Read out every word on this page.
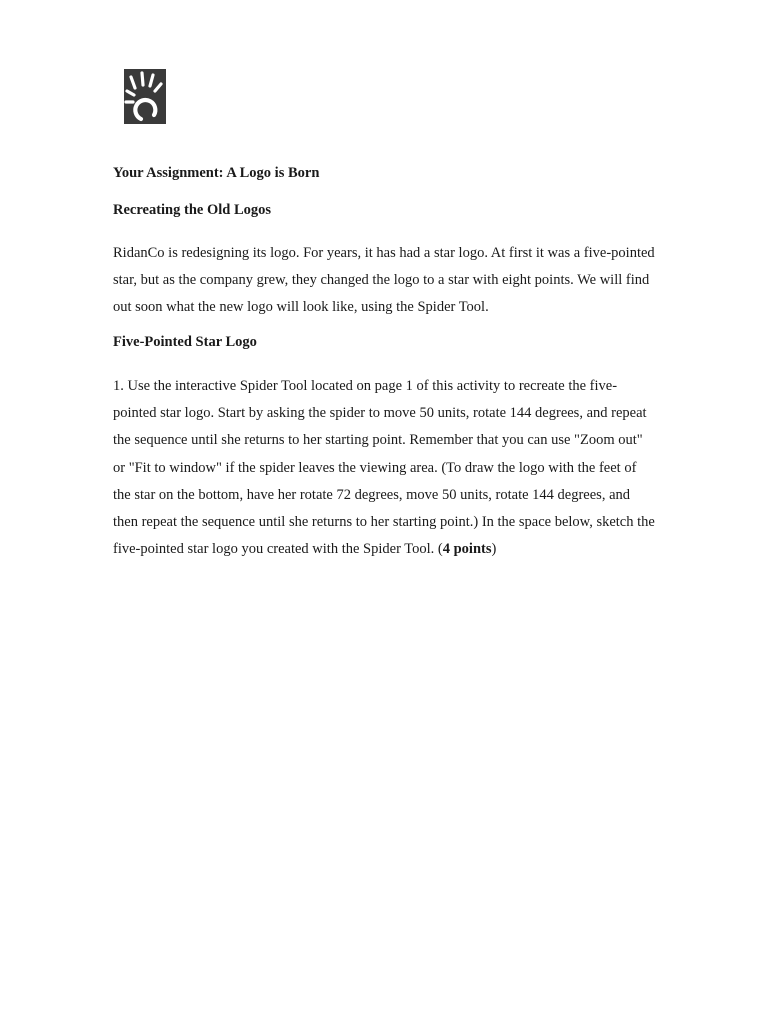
Your Assignment: A Logo is Born
Recreating the Old Logos

RidanCo is redesigning its logo. For years, it has had a star logo. At first it was a five-pointed
star, but as the company grew, they changed the logo to a star with eight points. We will find
out soon what the new logo will look like, using the Spider Tool.

Five-Pointed Star Logo

1. Use the interactive Spider Tool located on page 1 of this activity to recreate the five-
pointed star logo. Start by asking the spider to move 50 units, rotate 144 degrees, and repeat
the sequence until she returns to her starting point. Remember that you can use "Zoom out"
or "Fit to window" if the spider leaves the viewing area. (To draw the logo with the feet of
the star on the bottom, have her rotate 72 degrees, move 50 units, rotate 144 degrees, and
then repeat the sequence until she returns to her starting point.) In the space below, sketch the
five-pointed star logo you created with the Spider Tool. (4 points)
